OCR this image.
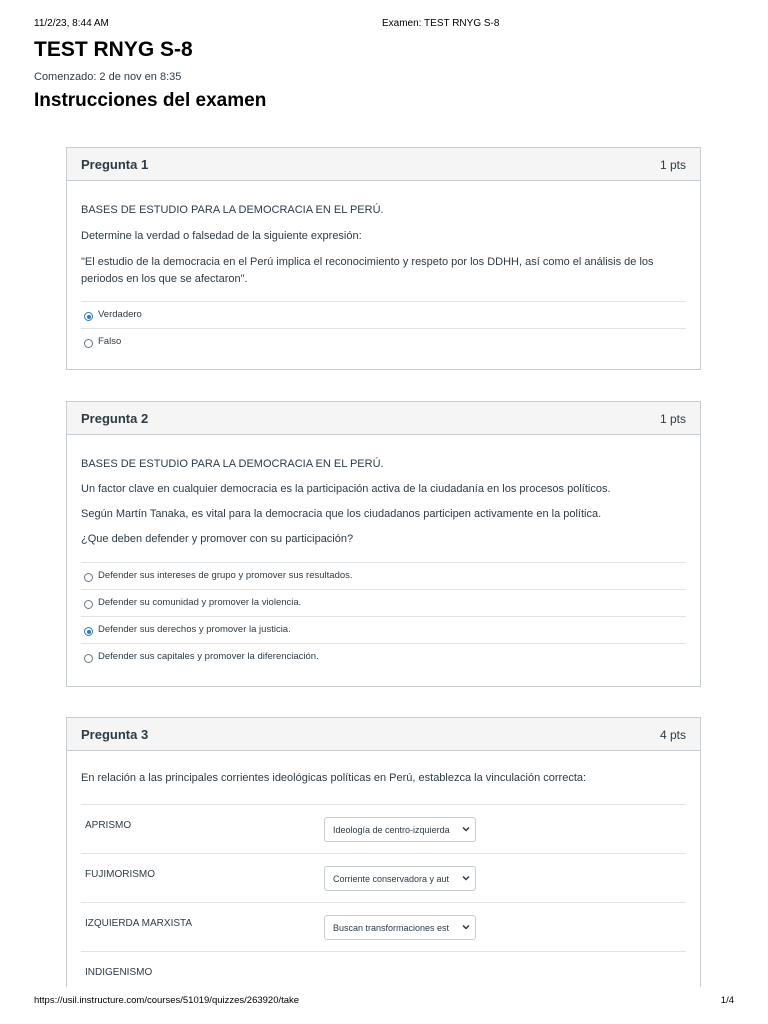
11/2/23, 8:44 AM	Examen: TEST RNYG S-8
TEST RNYG S-8
Comenzado: 2 de nov en 8:35
Instrucciones del examen
Pregunta 1	1 pts

BASES DE ESTUDIO PARA LA DEMOCRACIA EN EL PERÚ.

Determine la verdad o falsedad de la siguiente expresión:

"El estudio de la democracia en el Perú implica el reconocimiento y respeto por los DDHH, así como el análisis de los periodos en los que se afectaron".

Verdadero
Falso
Pregunta 2	1 pts

BASES DE ESTUDIO PARA LA DEMOCRACIA EN EL PERÚ.

Un factor clave en cualquier democracia es la participación activa de la ciudadanía en los procesos políticos.

Según Martín Tanaka, es vital para la democracia que los ciudadanos participen activamente en la política.

¿Que deben defender y promover con su participación?

Defender sus intereses de grupo y promover sus resultados.
Defender su comunidad y promover la violencia.
Defender sus derechos y promover la justicia.
Defender sus capitales y promover la diferenciación.
Pregunta 3	4 pts

En relación a las principales corrientes ideológicas políticas en Perú, establezca la vinculación correcta:

APRISMO	Ideología de centro-izquierda
FUJIMORISMO	Corriente conservadora y aut
IZQUIERDA MARXISTA	Buscan transformaciones est
INDIGENISMO
https://usil.instructure.com/courses/51019/quizzes/263920/take	1/4
